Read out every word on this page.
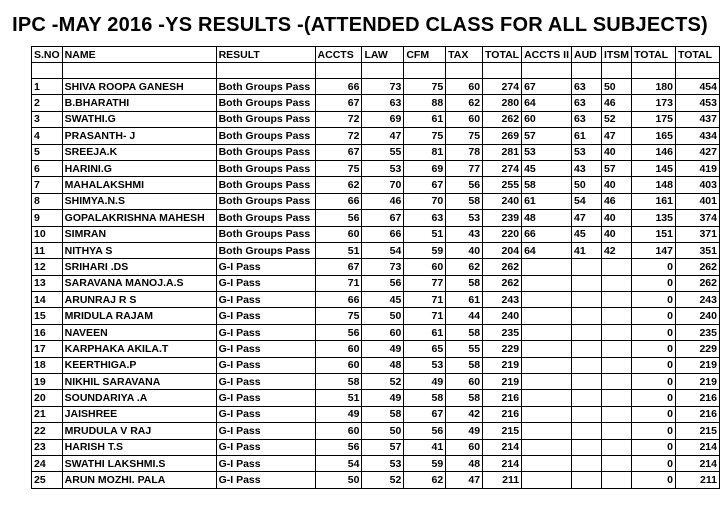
IPC -MAY 2016 -YS RESULTS -(ATTENDED CLASS FOR ALL SUBJECTS)
S.NO	NAME	RESULT	ACCTS	LAW	CFM	TAX	TOTAL	ACCTS II	AUD	ITSM	TOTAL	TOTAL

1	SHIVA ROOPA GANESH	Both Groups Pass	66	73	75	60	274	67	63	50	180	454
2	B.BHARATHI	Both Groups Pass	67	63	88	62	280	64	63	46	173	453
3	SWATHI.G	Both Groups Pass	72	69	61	60	262	60	63	52	175	437
4	PRASANTH- J	Both Groups Pass	72	47	75	75	269	57	61	47	165	434
5	SREEJA.K	Both Groups Pass	67	55	81	78	281	53	53	40	146	427
6	HARINI.G	Both Groups Pass	75	53	69	77	274	45	43	57	145	419
7	MAHALAKSHMI	Both Groups Pass	62	70	67	56	255	58	50	40	148	403
8	SHIMYA.N.S	Both Groups Pass	66	46	70	58	240	61	54	46	161	401
9	GOPALAKRISHNA MAHESH	Both Groups Pass	56	67	63	53	239	48	47	40	135	374
10	SIMRAN	Both Groups Pass	60	66	51	43	220	66	45	40	151	371
11	NITHYA S	Both Groups Pass	51	54	59	40	204	64	41	42	147	351
12	SRIHARI .DS	G-I Pass	67	73	60	62	262				0	262
13	SARAVANA MANOJ.A.S	G-I Pass	71	56	77	58	262				0	262
14	ARUNRAJ R S	G-I Pass	66	45	71	61	243				0	243
15	MRIDULA RAJAM	G-I Pass	75	50	71	44	240				0	240
16	NAVEEN	G-I Pass	56	60	61	58	235				0	235
17	KARPHAKA AKILA.T	G-I Pass	60	49	65	55	229				0	229
18	KEERTHIGA.P	G-I Pass	60	48	53	58	219				0	219
19	NIKHIL SARAVANA	G-I Pass	58	52	49	60	219				0	219
20	SOUNDARIYA .A	G-I Pass	51	49	58	58	216				0	216
21	JAISHREE	G-I Pass	49	58	67	42	216				0	216
22	MRUDULA V RAJ	G-I Pass	60	50	56	49	215				0	215
23	HARISH T.S	G-I Pass	56	57	41	60	214				0	214
24	SWATHI LAKSHMI.S	G-I Pass	54	53	59	48	214				0	214
25	ARUN MOZHI. PALA	G-I Pass	50	52	62	47	211				0	211
